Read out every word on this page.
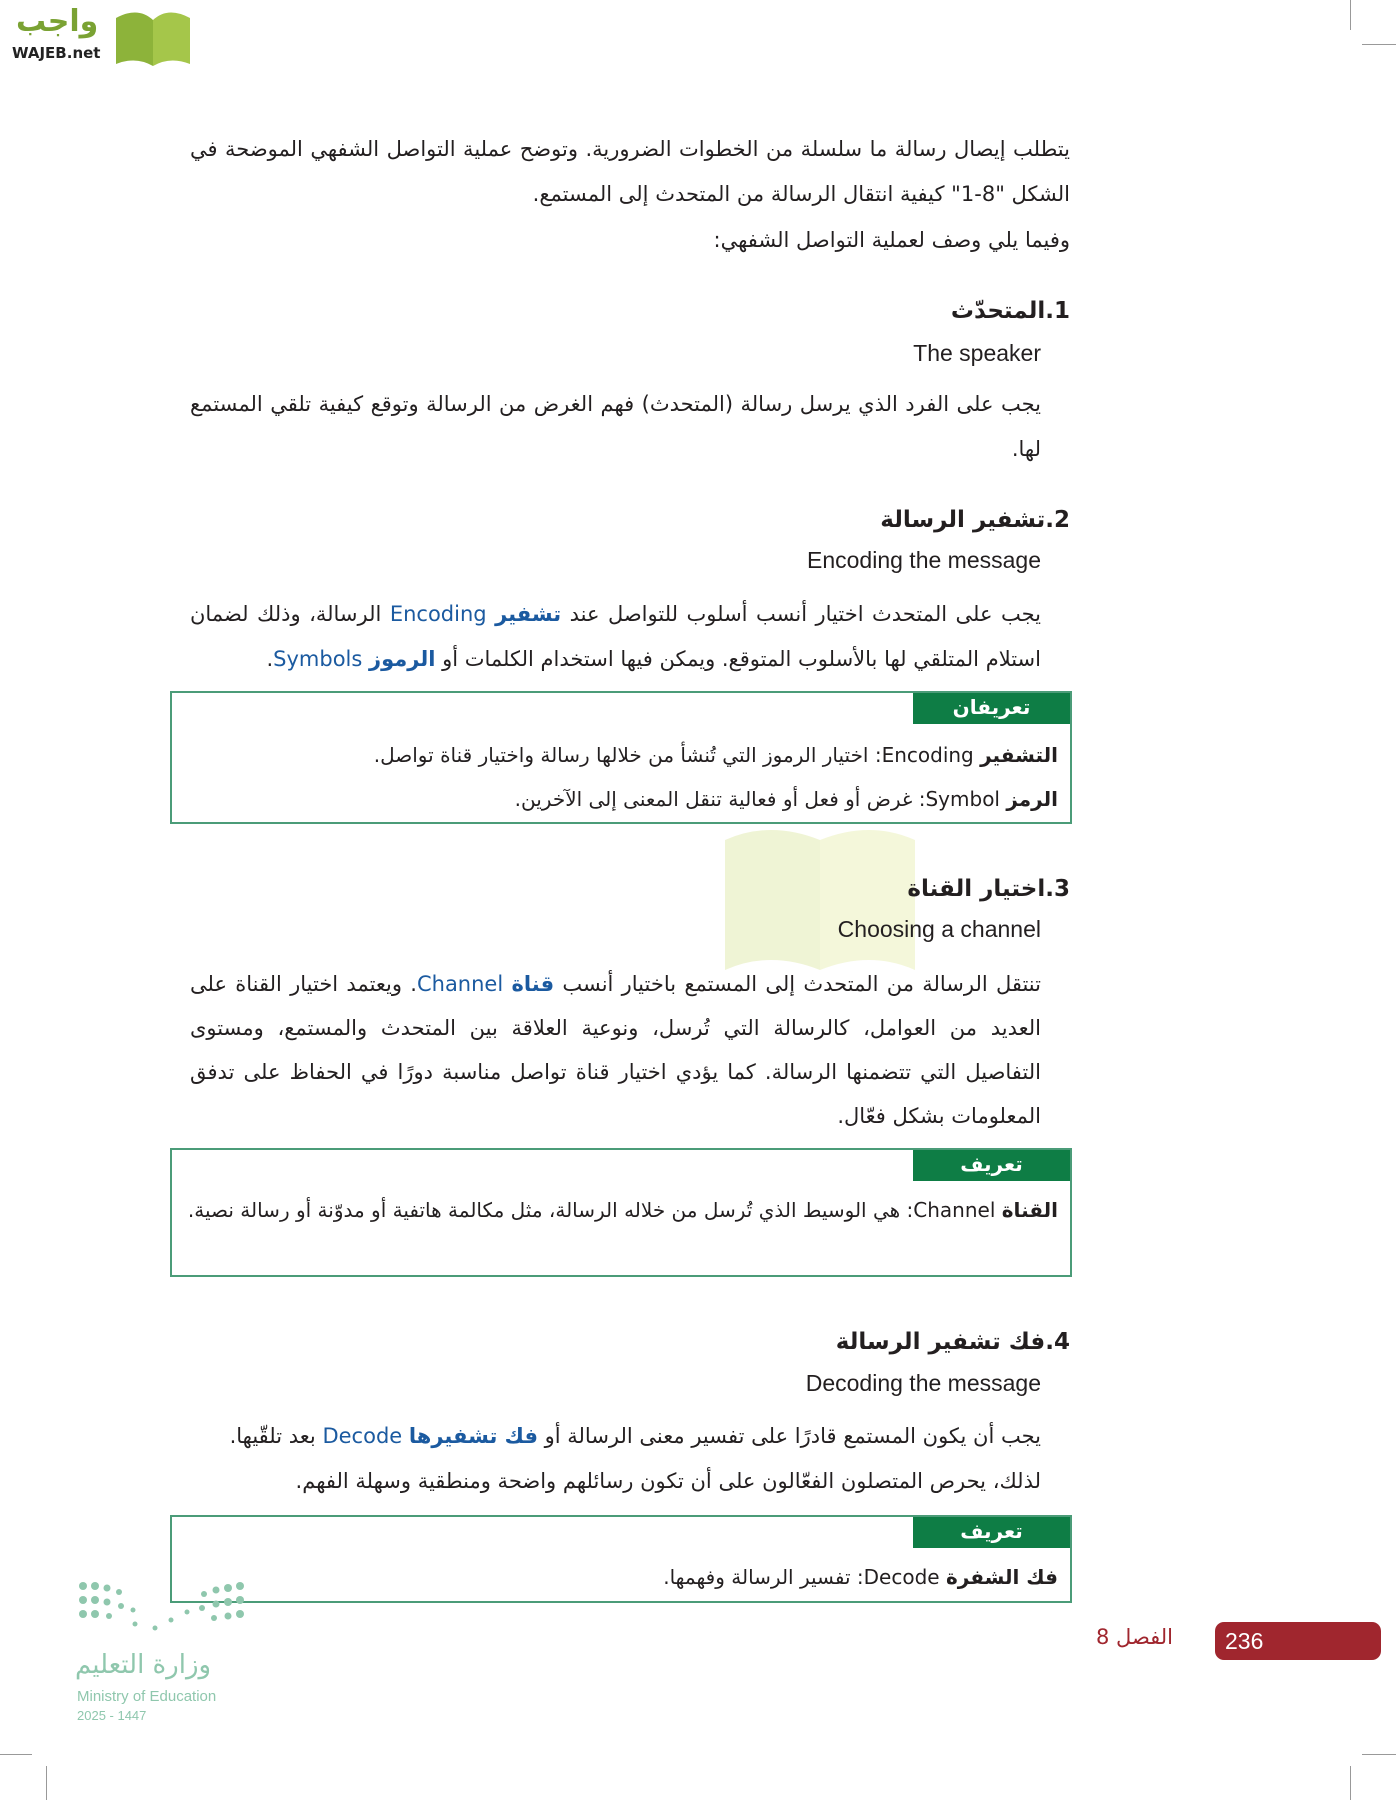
واجب
WAJEB.net
يتطلب إيصال رسالة ما سلسلة من الخطوات الضرورية. وتوضح عملية التواصل الشفهي الموضحة في الشكل "8-1" كيفية انتقال الرسالة من المتحدث إلى المستمع.
وفيما يلي وصف لعملية التواصل الشفهي:
1.المتحدّث
The speaker
يجب على الفرد الذي يرسل رسالة (المتحدث) فهم الغرض من الرسالة وتوقع كيفية تلقي المستمع لها.
2.تشفير الرسالة
Encoding the message
يجب على المتحدث اختيار أنسب أسلوب للتواصل عند تشفير Encoding الرسالة، وذلك لضمان استلام المتلقي لها بالأسلوب المتوقع. ويمكن فيها استخدام الكلمات أو الرموز Symbols.
تعريفان
التشفير Encoding: اختيار الرموز التي تُنشأ من خلالها رسالة واختيار قناة تواصل.
الرمز Symbol: غرض أو فعل أو فعالية تنقل المعنى إلى الآخرين.
3.اختيار القناة
Choosing a channel
تنتقل الرسالة من المتحدث إلى المستمع باختيار أنسب قناة Channel. ويعتمد اختيار القناة على العديد من العوامل، كالرسالة التي تُرسل، ونوعية العلاقة بين المتحدث والمستمع، ومستوى التفاصيل التي تتضمنها الرسالة. كما يؤدي اختيار قناة تواصل مناسبة دورًا في الحفاظ على تدفق المعلومات بشكل فعّال.
تعريف
القناة Channel: هي الوسيط الذي تُرسل من خلاله الرسالة، مثل مكالمة هاتفية أو مدوّنة أو رسالة نصية.
4.فك تشفير الرسالة
Decoding the message
يجب أن يكون المستمع قادرًا على تفسير معنى الرسالة أو فك تشفيرها Decode بعد تلقّيها. لذلك، يحرص المتصلون الفعّالون على أن تكون رسائلهم واضحة ومنطقية وسهلة الفهم.
تعريف
فك الشفرة Decode: تفسير الرسالة وفهمها.
وزارة التعليم
Ministry of Education
2025 - 1447
الفصل 8 236
